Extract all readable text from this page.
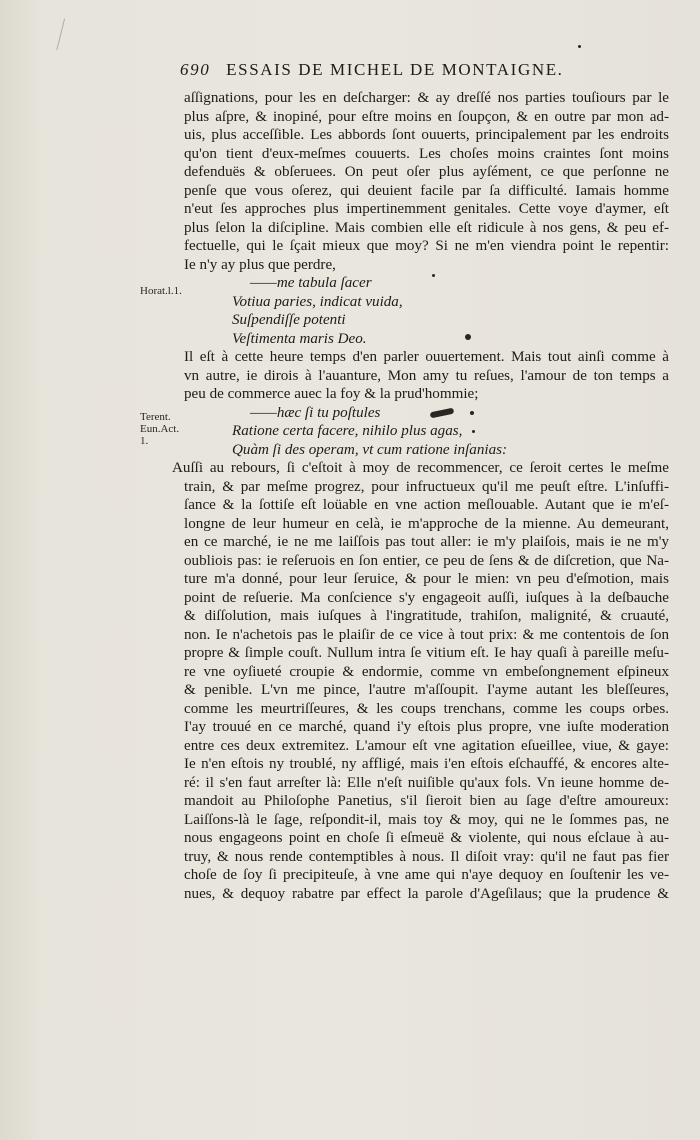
690 ESSAIS DE MICHEL DE MONTAIGNE.
Horat.l.1.
Terent.
Eun.Act.
1.
aſſignations, pour les en deſcharger: & ay dreſſé nos parties touſiours par le
plus aſpre, & inopiné, pour eſtre moins en ſoupçon, & en outre par mon ad-
uis, plus acceſſible. Les abbords ſont ouuerts, principalement par les endroits
qu'on tient d'eux-meſmes couuerts. Les choſes moins craintes ſont moins
defenduës & obſeruees. On peut oſer plus ayſément, ce que perſonne ne
penſe que vous oſerez, qui deuient facile par ſa difficulté. Iamais homme
n'eut ſes approches plus impertinemment genitales. Cette voye d'aymer, eſt
plus ſelon la diſcipline. Mais combien elle eſt ridicule à nos gens, & peu ef-
fectuelle, qui le ſçait mieux que moy? Si ne m'en viendra point le repentir:
Ie n'y ay plus que perdre,
——me tabula ſacer
Votiua paries, indicat vuida,
Suſpendiſſe potenti
Veſtimenta maris Deo.
Il eſt à cette heure temps d'en parler ouuertement. Mais tout ainſi comme à
vn autre, ie dirois à l'auanture, Mon amy tu reſues, l'amour de ton temps a
peu de commerce auec la foy & la prud'hommie;
——hæc ſi tu poſtules
Ratione certa facere, nihilo plus agas,
Quàm ſi des operam, vt cum ratione inſanias:
Auſſi au rebours, ſi c'eſtoit à moy de recommencer, ce ſeroit certes le meſme
train, & par meſme progrez, pour infructueux qu'il me peuſt eſtre. L'inſuffi-
ſance & la ſottiſe eſt loüable en vne action meſlouable. Autant que ie m'eſ-
longne de leur humeur en celà, ie m'approche de la mienne. Au demeurant,
en ce marché, ie ne me laiſſois pas tout aller: ie m'y plaiſois, mais ie ne m'y
oubliois pas: ie reſeruois en ſon entier, ce peu de ſens & de diſcretion, que Na-
ture m'a donné, pour leur ſeruice, & pour le mien: vn peu d'eſmotion, mais
point de reſuerie. Ma conſcience s'y engageoit auſſi, iuſques à la deſbauche
& diſſolution, mais iuſques à l'ingratitude, trahiſon, malignité, & cruauté,
non. Ie n'achetois pas le plaiſir de ce vice à tout prix: & me contentois de ſon
propre & ſimple couſt. Nullum intra ſe vitium eſt. Ie hay quaſi à pareille meſu-
re vne oyſiueté croupie & endormie, comme vn embeſongnement eſpineux
& penible. L'vn me pince, l'autre m'aſſoupit. I'ayme autant les bleſſeures,
comme les meurtriſſeures, & les coups trenchans, comme les coups orbes.
I'ay trouué en ce marché, quand i'y eſtois plus propre, vne iuſte moderation
entre ces deux extremitez. L'amour eſt vne agitation eſueillee, viue, & gaye:
Ie n'en eſtois ny troublé, ny affligé, mais i'en eſtois eſchauffé, & encores alte-
ré: il s'en faut arreſter là: Elle n'eſt nuiſible qu'aux fols. Vn ieune homme de-
mandoit au Philoſophe Panetius, s'il ſieroit bien au ſage d'eſtre amoureux:
Laiſſons-là le ſage, reſpondit-il, mais toy & moy, qui ne le ſommes pas, ne
nous engageons point en choſe ſi eſmeuë & violente, qui nous eſclaue à au-
truy, & nous rende contemptibles à nous. Il diſoit vray: qu'il ne faut pas fier
choſe de ſoy ſi precipiteuſe, à vne ame qui n'aye dequoy en ſouſtenir les ve-
nues, & dequoy rabatre par effect la parole d'Ageſilaus; que la prudence &
